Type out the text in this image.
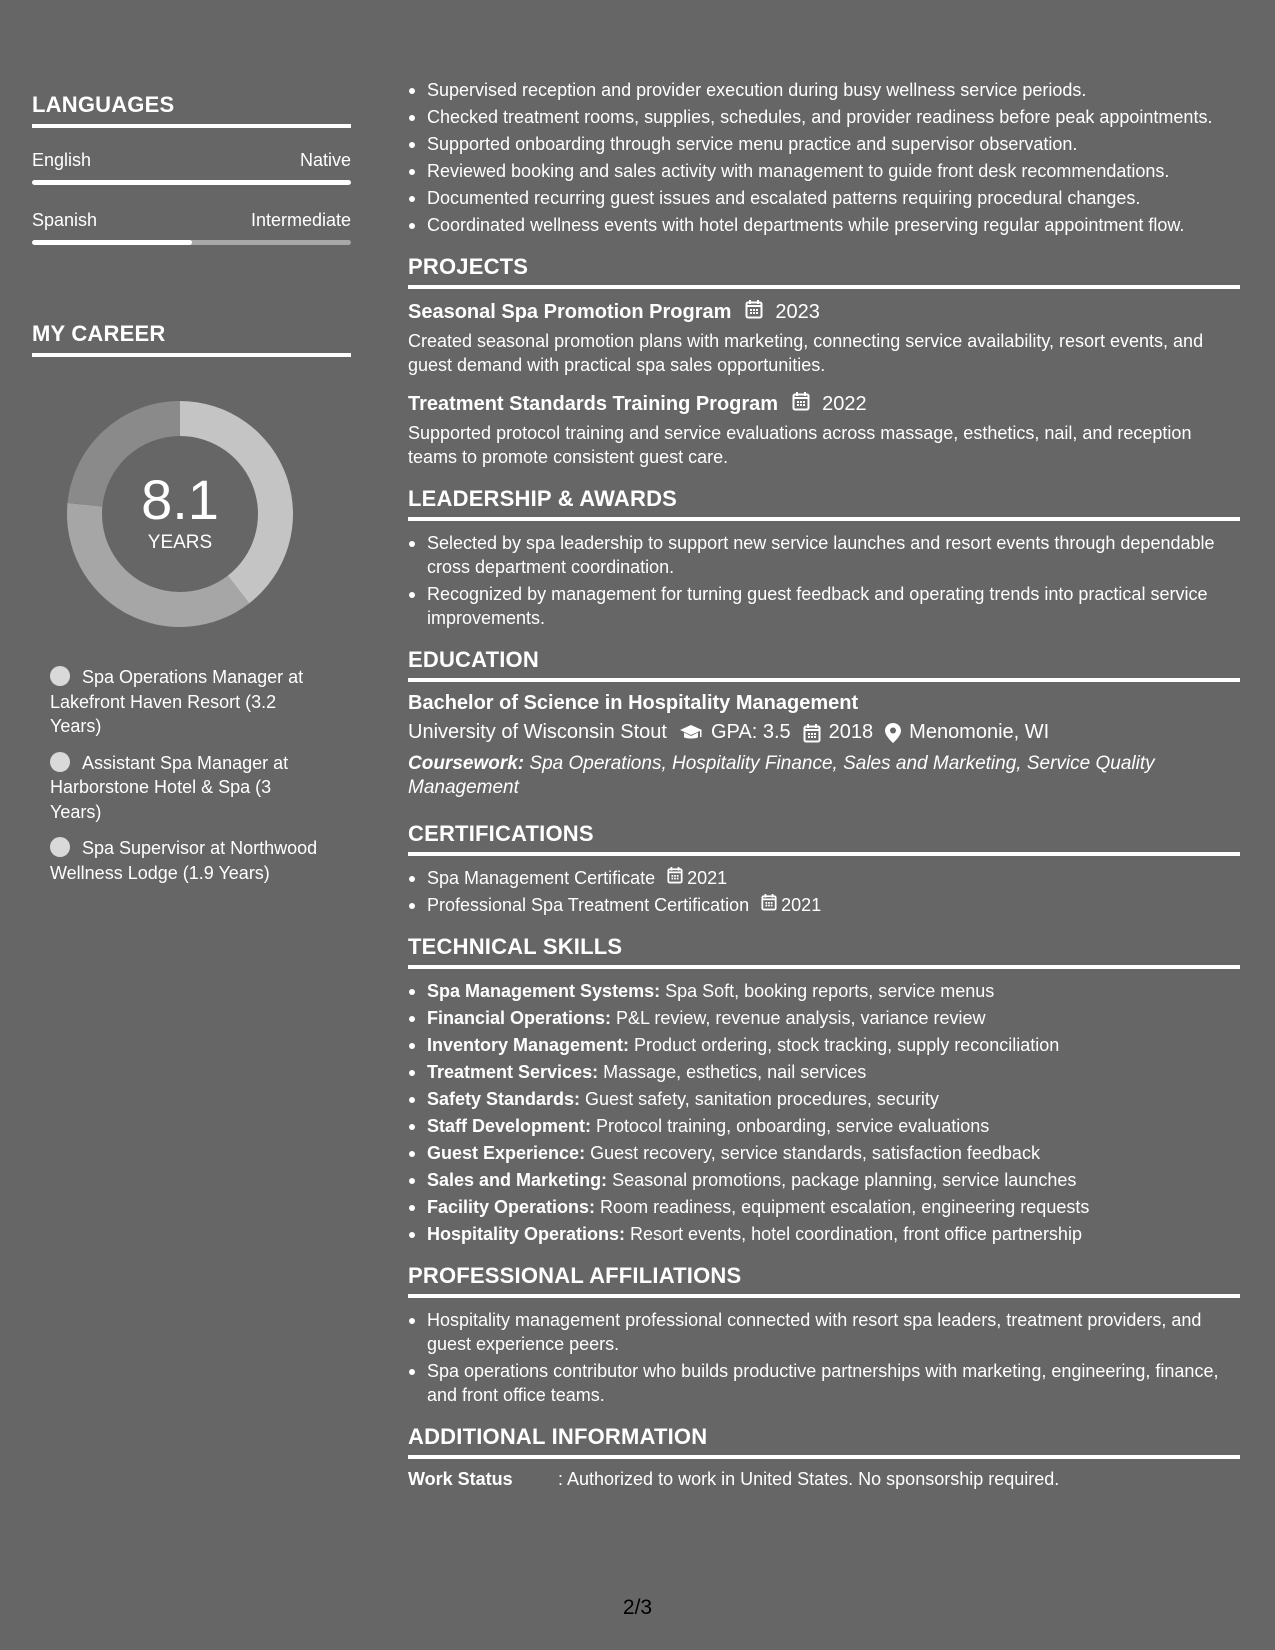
LANGUAGES
English	Native
Spanish	Intermediate
MY CAREER
8.1
YEARS
Spa Operations Manager at Lakefront Haven Resort (3.2 Years)
Assistant Spa Manager at Harborstone Hotel & Spa (3 Years)
Spa Supervisor at Northwood Wellness Lodge (1.9 Years)
Supervised reception and provider execution during busy wellness service periods.
Checked treatment rooms, supplies, schedules, and provider readiness before peak appointments.
Supported onboarding through service menu practice and supervisor observation.
Reviewed booking and sales activity with management to guide front desk recommendations.
Documented recurring guest issues and escalated patterns requiring procedural changes.
Coordinated wellness events with hotel departments while preserving regular appointment flow.
PROJECTS
Seasonal Spa Promotion Program 2023
Created seasonal promotion plans with marketing, connecting service availability, resort events, and guest demand with practical spa sales opportunities.
Treatment Standards Training Program 2022
Supported protocol training and service evaluations across massage, esthetics, nail, and reception teams to promote consistent guest care.
LEADERSHIP & AWARDS
Selected by spa leadership to support new service launches and resort events through dependable cross department coordination.
Recognized by management for turning guest feedback and operating trends into practical service improvements.
EDUCATION
Bachelor of Science in Hospitality Management
University of Wisconsin Stout GPA: 3.5 2018 Menomonie, WI
Coursework: Spa Operations, Hospitality Finance, Sales and Marketing, Service Quality Management
CERTIFICATIONS
Spa Management Certificate 2021
Professional Spa Treatment Certification 2021
TECHNICAL SKILLS
Spa Management Systems: Spa Soft, booking reports, service menus
Financial Operations: P&L review, revenue analysis, variance review
Inventory Management: Product ordering, stock tracking, supply reconciliation
Treatment Services: Massage, esthetics, nail services
Safety Standards: Guest safety, sanitation procedures, security
Staff Development: Protocol training, onboarding, service evaluations
Guest Experience: Guest recovery, service standards, satisfaction feedback
Sales and Marketing: Seasonal promotions, package planning, service launches
Facility Operations: Room readiness, equipment escalation, engineering requests
Hospitality Operations: Resort events, hotel coordination, front office partnership
PROFESSIONAL AFFILIATIONS
Hospitality management professional connected with resort spa leaders, treatment providers, and guest experience peers.
Spa operations contributor who builds productive partnerships with marketing, engineering, finance, and front office teams.
ADDITIONAL INFORMATION
Work Status	: Authorized to work in United States. No sponsorship required.
2/3
